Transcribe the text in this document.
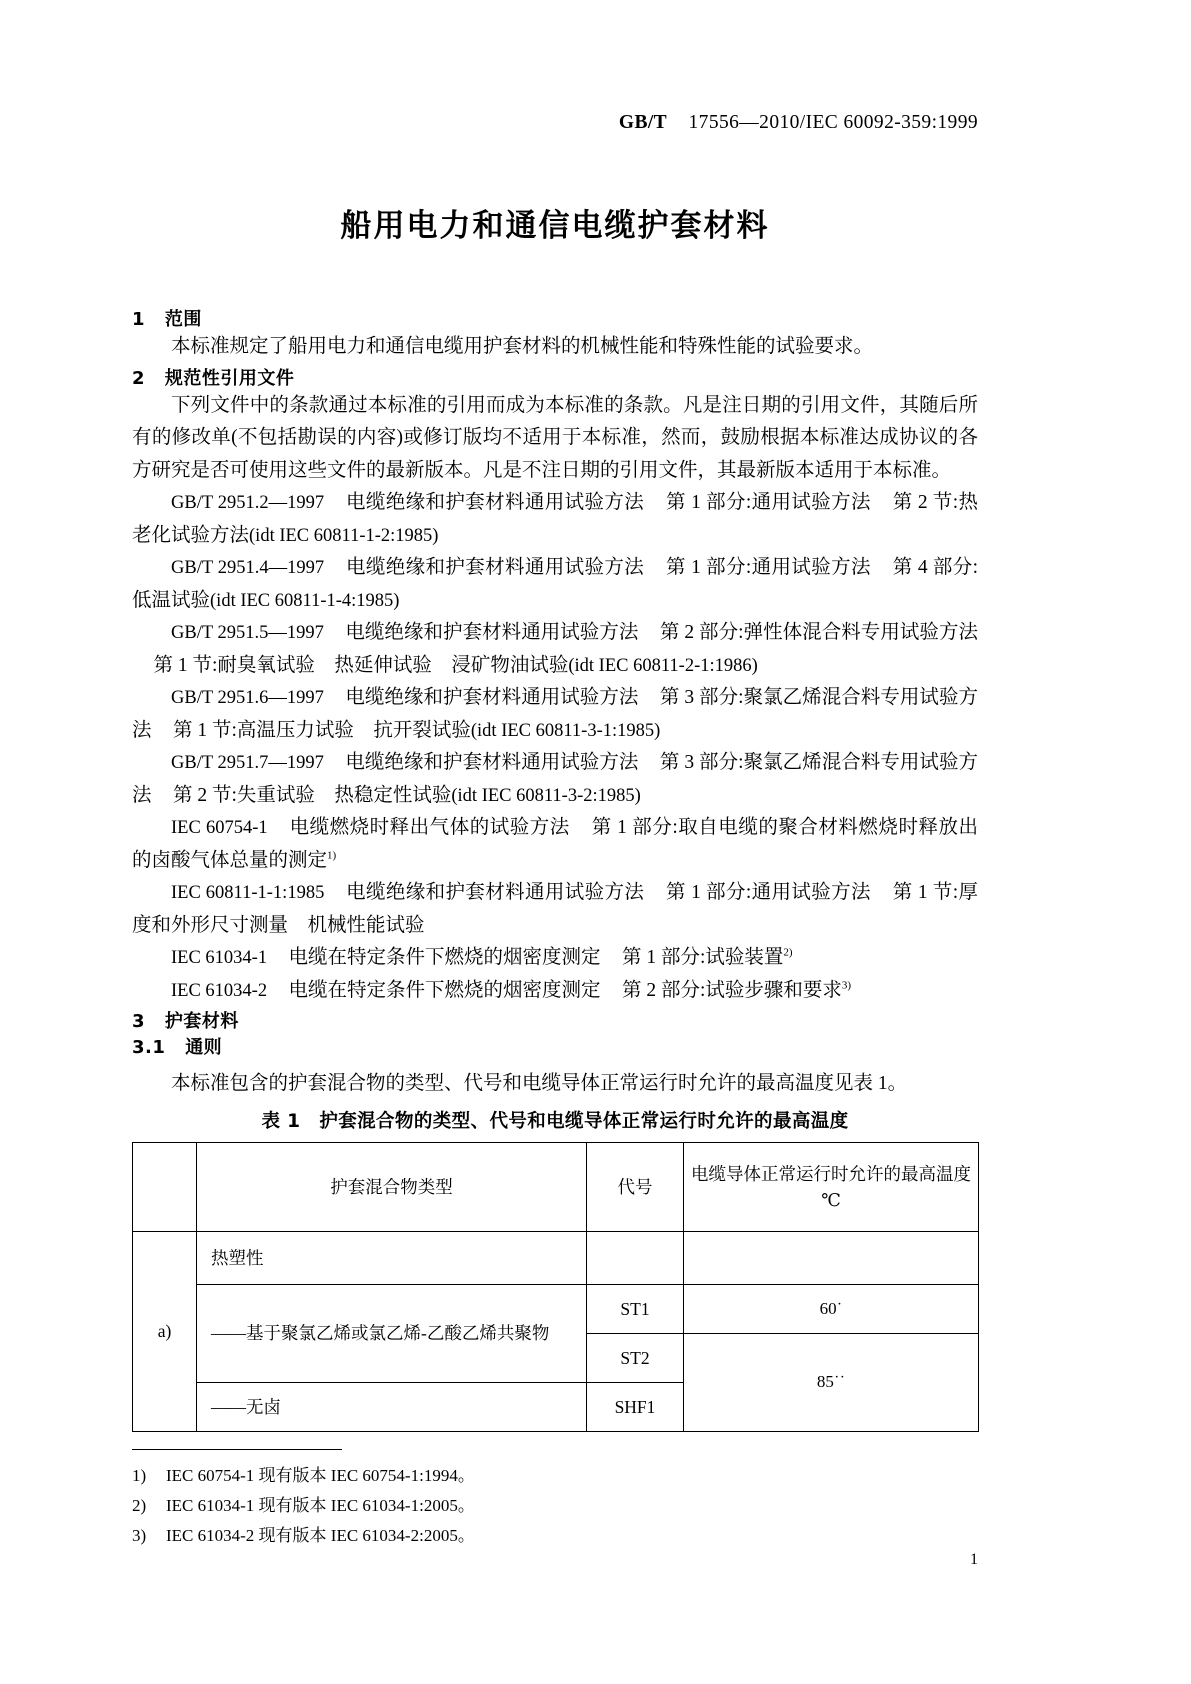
GB/T 17556—2010/IEC 60092-359:1999
船用电力和通信电缆护套材料
1 范围

本标准规定了船用电力和通信电缆用护套材料的机械性能和特殊性能的试验要求。

2 规范性引用文件

下列文件中的条款通过本标准的引用而成为本标准的条款。凡是注日期的引用文件，其随后所有的修改单(不包括勘误的内容)或修订版均不适用于本标准，然而，鼓励根据本标准达成协议的各方研究是否可使用这些文件的最新版本。凡是不注日期的引用文件，其最新版本适用于本标准。

GB/T 2951.2—1997 电缆绝缘和护套材料通用试验方法 第 1 部分:通用试验方法 第 2 节:热老化试验方法(idt IEC 60811-1-2:1985)

GB/T 2951.4—1997 电缆绝缘和护套材料通用试验方法 第 1 部分:通用试验方法 第 4 部分:低温试验(idt IEC 60811-1-4:1985)

GB/T 2951.5—1997 电缆绝缘和护套材料通用试验方法 第 2 部分:弹性体混合料专用试验方法第 1 节:耐臭氧试验　热延伸试验　浸矿物油试验(idt IEC 60811-2-1:1986)

GB/T 2951.6—1997 电缆绝缘和护套材料通用试验方法 第 3 部分:聚氯乙烯混合料专用试验方法 第 1 节:高温压力试验　抗开裂试验(idt IEC 60811-3-1:1985)

GB/T 2951.7—1997 电缆绝缘和护套材料通用试验方法 第 3 部分:聚氯乙烯混合料专用试验方法 第 2 节:失重试验　热稳定性试验(idt IEC 60811-3-2:1985)

IEC 60754-1 电缆燃烧时释出气体的试验方法 第 1 部分:取自电缆的聚合材料燃烧时释放出的卤酸气体总量的测定$^{1)}$

IEC 60811-1-1:1985 电缆绝缘和护套材料通用试验方法 第 1 部分:通用试验方法 第 1 节:厚度和外形尺寸测量　机械性能试验

IEC 61034-1 电缆在特定条件下燃烧的烟密度测定 第 1 部分:试验装置$^{2)}$

IEC 61034-2 电缆在特定条件下燃烧的烟密度测定 第 2 部分:试验步骤和要求$^{3)}$

3 护套材料
3.1 通则

本标准包含的护套混合物的类型、代号和电缆导体正常运行时允许的最高温度见表 1。

表 1　护套混合物的类型、代号和电缆导体正常运行时允许的最高温度
	护套混合物类型	代号	电缆导体正常运行时允许的最高温度
℃

a)	热塑性		
	——基于聚氯乙烯或氯乙烯-乙酸乙烯共聚物	ST1	60˙
		ST2	85˙˙
	——无卤	SHF1	
1) IEC 60754-1 现有版本 IEC 60754-1:1994。
2) IEC 61034-1 现有版本 IEC 61034-1:2005。
3) IEC 61034-2 现有版本 IEC 61034-2:2005。
1
